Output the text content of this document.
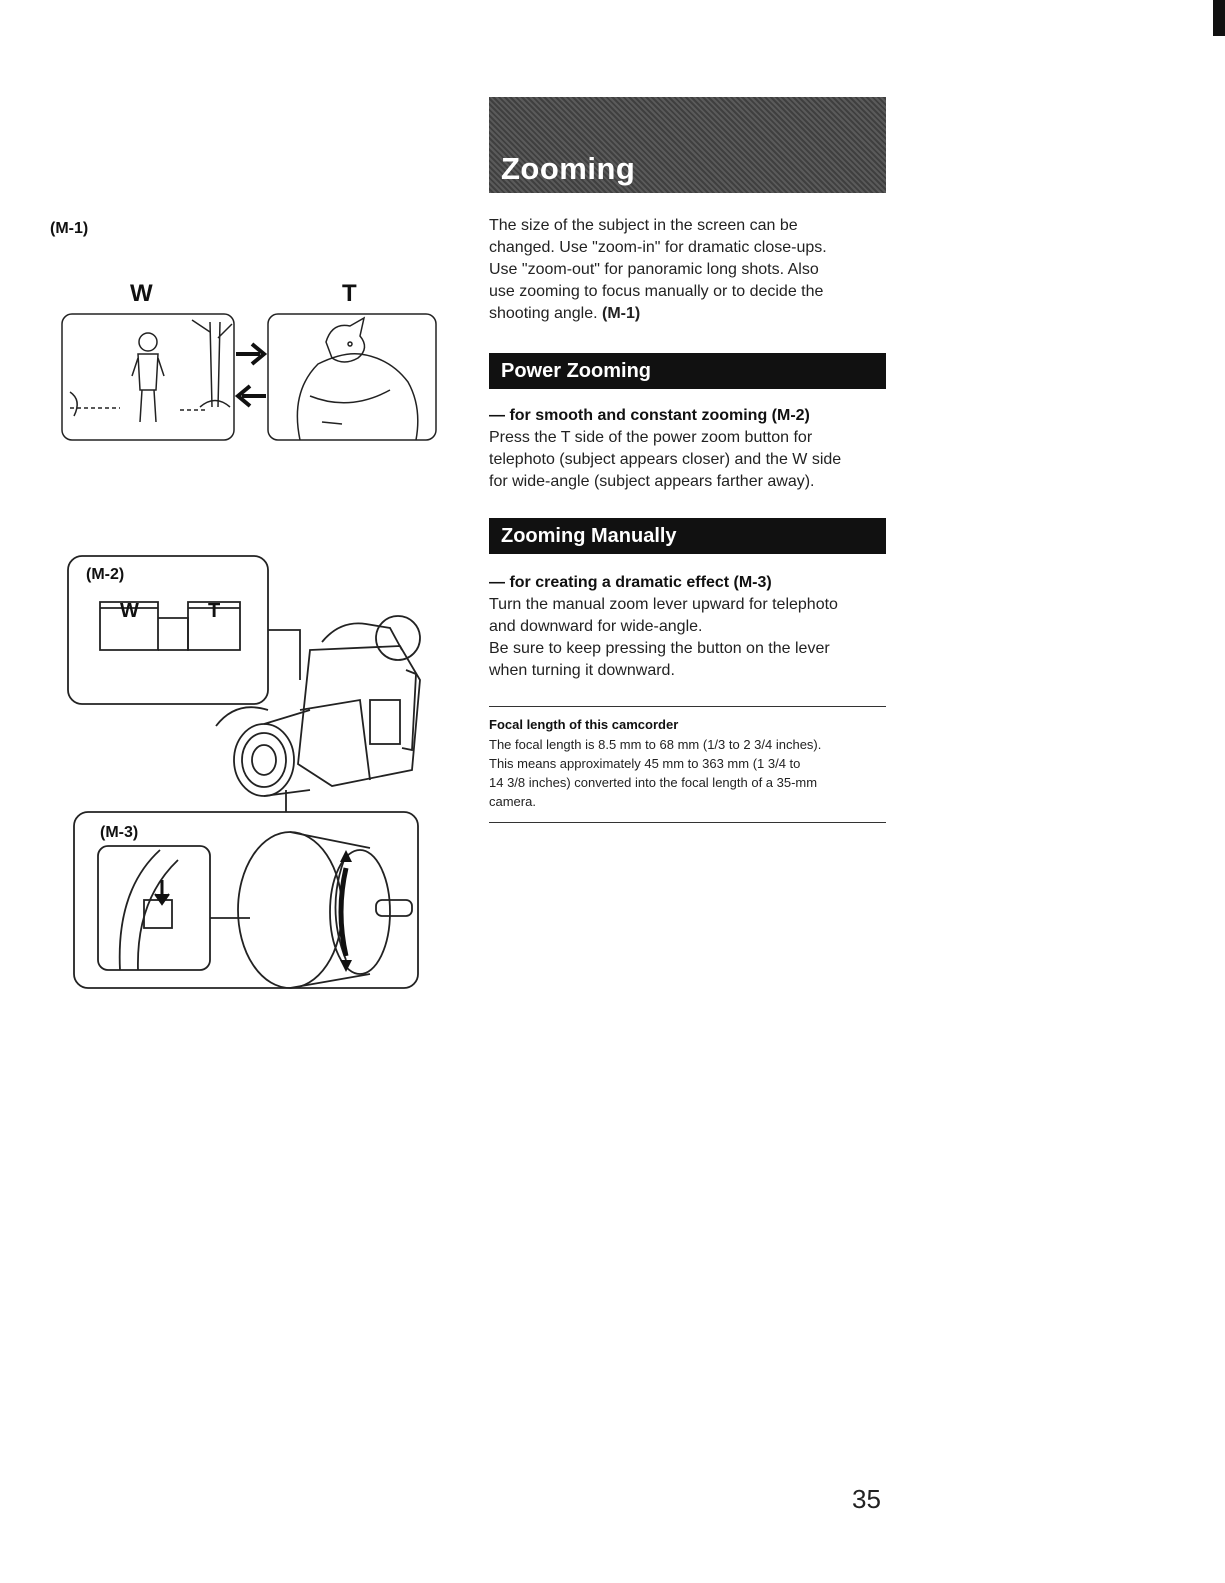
Zooming
The size of the subject in the screen can be
changed. Use "zoom-in" for dramatic close-ups.
Use "zoom-out" for panoramic long shots. Also
use zooming to focus manually or to decide the
shooting angle. (M-1)
Power Zooming
— for smooth and constant zooming (M-2)
Press the T side of the power zoom button for
telephoto (subject appears closer) and the W side
for wide-angle (subject appears farther away).
Zooming Manually
— for creating a dramatic effect (M-3)
Turn the manual zoom lever upward for telephoto
and downward for wide-angle.
Be sure to keep pressing the button on the lever
when turning it downward.
Focal length of this camcorder
The focal length is 8.5 mm to 68 mm (1/3 to 2 3/4 inches).
This means approximately 45 mm to 363 mm (1 3/4 to
14 3/8 inches) converted into the focal length of a 35-mm
camera.
35
(M-1)
W	T
(M-2)
W	T
(M-3)
